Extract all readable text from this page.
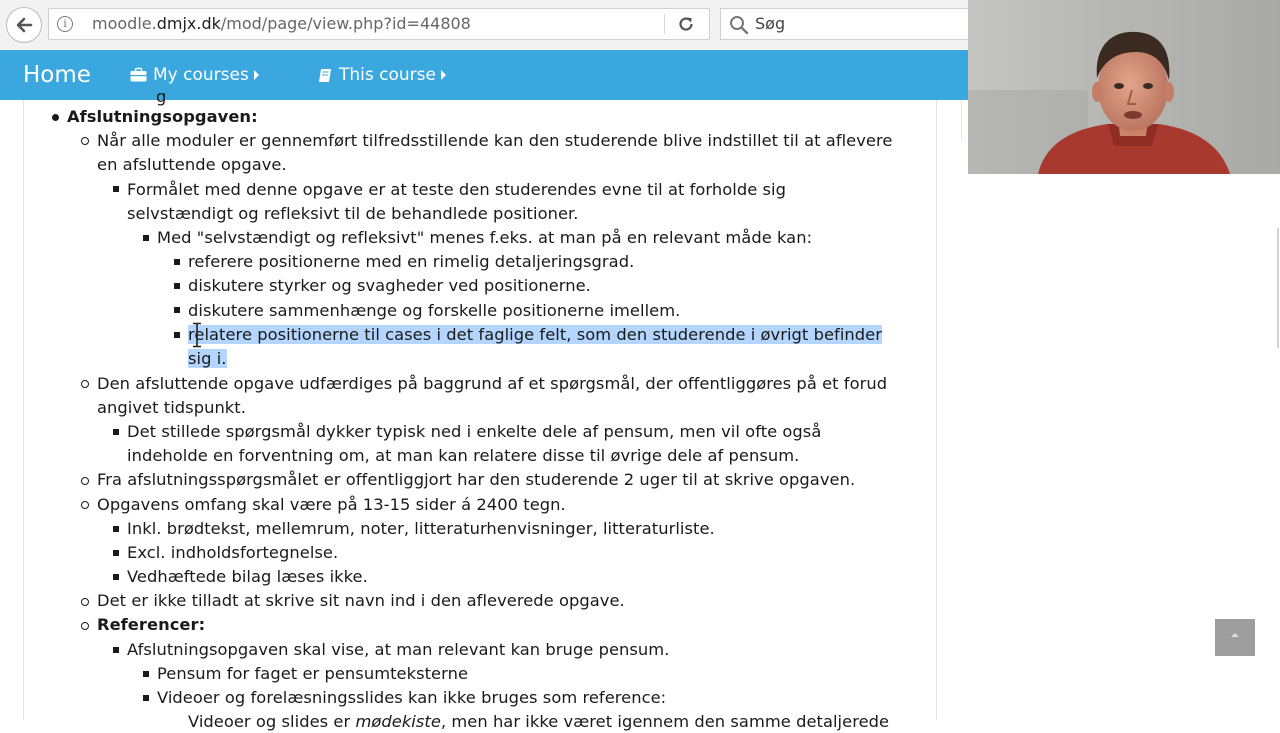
i	moodle.dmjx.dk/mod/page/view.php?id=44808	Søg
Home	My courses	This course
g
Afslutningsopgaven:
Når alle moduler er gennemført tilfredsstillende kan den studerende blive indstillet til at aflevere
en afsluttende opgave.
Formålet med denne opgave er at teste den studerendes evne til at forholde sig
selvstændigt og refleksivt til de behandlede positioner.
Med "selvstændigt og refleksivt" menes f.eks. at man på en relevant måde kan:
referere positionerne med en rimelig detaljeringsgrad.
diskutere styrker og svagheder ved positionerne.
diskutere sammenhænge og forskelle positionerne imellem.
relatere positionerne til cases i det faglige felt, som den studerende i øvrigt befinder
sig i.
Den afsluttende opgave udfærdiges på baggrund af et spørgsmål, der offentliggøres på et forud
angivet tidspunkt.
Det stillede spørgsmål dykker typisk ned i enkelte dele af pensum, men vil ofte også
indeholde en forventning om, at man kan relatere disse til øvrige dele af pensum.
Fra afslutningsspørgsmålet er offentliggjort har den studerende 2 uger til at skrive opgaven.
Opgavens omfang skal være på 13-15 sider á 2400 tegn.
Inkl. brødtekst, mellemrum, noter, litteraturhenvisninger, litteraturliste.
Excl. indholdsfortegnelse.
Vedhæftede bilag læses ikke.
Det er ikke tilladt at skrive sit navn ind i den afleverede opgave.
Referencer:
Afslutningsopgaven skal vise, at man relevant kan bruge pensum.
Pensum for faget er pensumteksterne
Videoer og forelæsningsslides kan ikke bruges som reference:
Videoer og slides er mødekiste, men har ikke været igennem den samme detaljerede
